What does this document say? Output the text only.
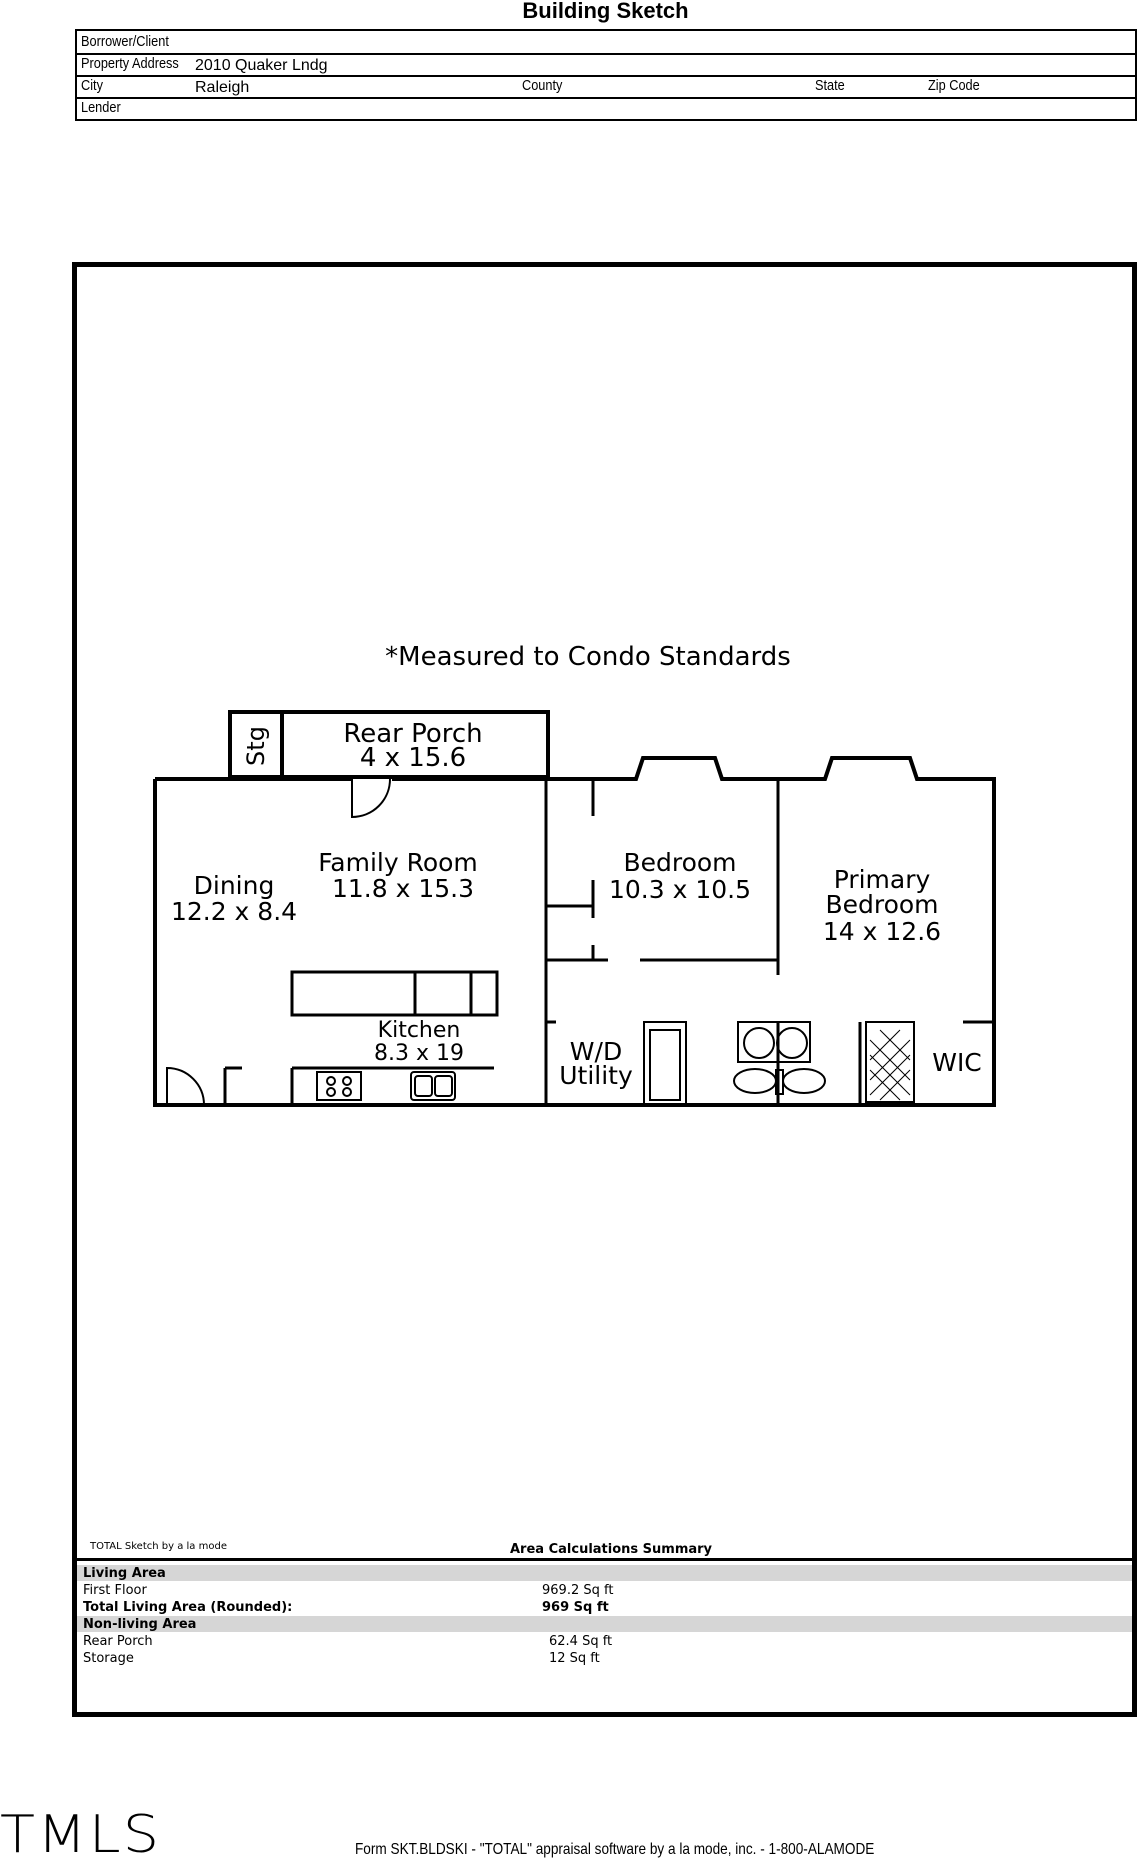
Building Sketch
Borrower/Client
Property Address 2010 Quaker Lndg
City	Raleigh	County	State	Zip Code
Lender
*Measured to Condo Standards
Stg	Rear Porch
4 x 15.6
Dining
12.2 x 8.4
Family Room
11.8 x 15.3
Bedroom
10.3 x 10.5	Primary
Bedroom
14 x 12.6
Kitchen
8.3 x 19	W/D
Utility	WIC
TOTAL Sketch by a la mode	Area Calculations Summary
Living Area
First Floor	969.2 Sq ft
Total Living Area (Rounded):	969 Sq ft
Non-living Area
Rear Porch	62.4 Sq ft
Storage	12 Sq ft
TMLS	Form SKT.BLDSKI - "TOTAL" appraisal software by a la mode, inc. - 1-800-ALAMODE
